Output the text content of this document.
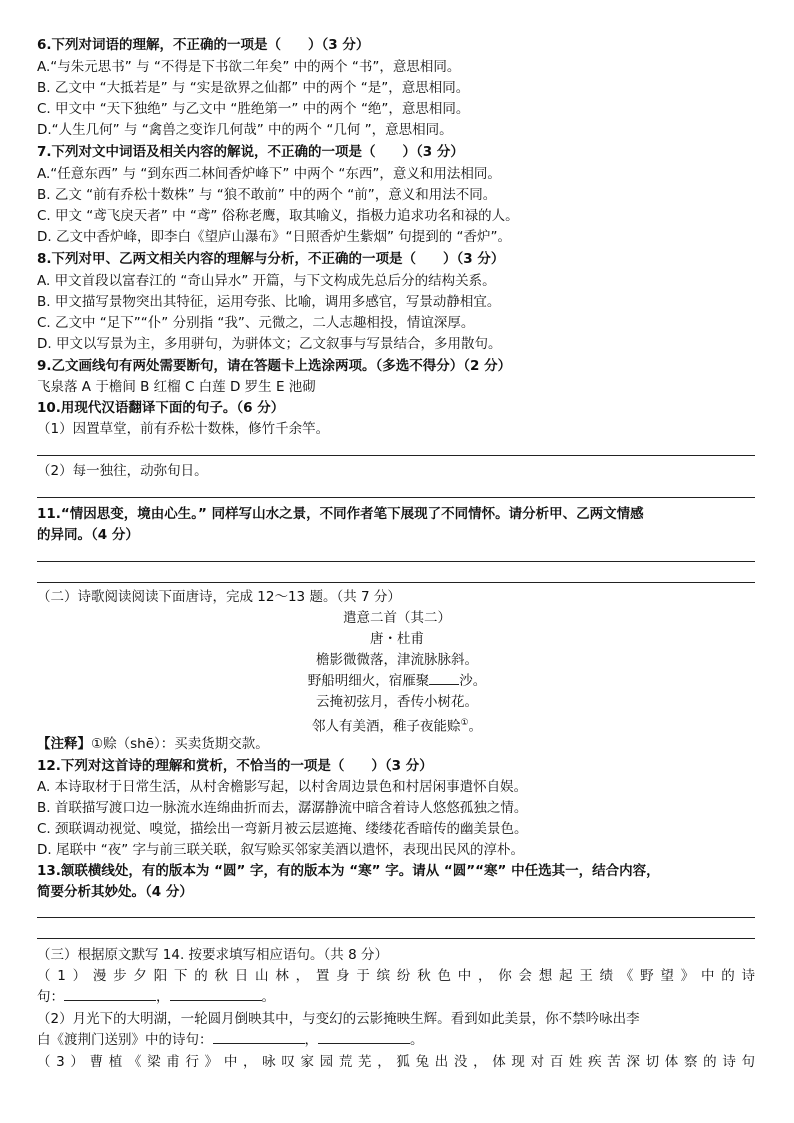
6.下列对词语的理解，不正确的一项是（　　）（3 分）
A.“与朱元思书” 与 “不得是下书欲二年矣” 中的两个 “书”，意思相同。
B. 乙文中 “大抵若是” 与 “实是欲界之仙都” 中的两个 “是”，意思相同。
C. 甲文中 “天下独绝” 与乙文中 “胜绝第一” 中的两个 “绝”，意思相同。
D.“人生几何” 与 “禽兽之变诈几何哉” 中的两个 “几何 ”，意思相同。
7.下列对文中词语及相关内容的解说，不正确的一项是（　　）（3 分）
A.“任意东西” 与 “到东西二林间香炉峰下” 中两个 “东西”，意义和用法相同。
B. 乙文 “前有乔松十数株” 与 “狼不敢前” 中的两个 “前”，意义和用法不同。
C. 甲文 “鸢飞戾天者” 中 “鸢” 俗称老鹰，取其喻义，指极力追求功名和禄的人。
D. 乙文中香炉峰，即李白《望庐山瀑布》“日照香炉生紫烟” 句提到的 “香炉”。
8.下列对甲、乙两文相关内容的理解与分析，不正确的一项是（　　）（3 分）
A. 甲文首段以富春江的 “奇山异水” 开篇，与下文构成先总后分的结构关系。
B. 甲文描写景物突出其特征，运用夸张、比喻，调用多感官，写景动静相宜。
C. 乙文中 “足下”“仆” 分别指 “我”、元微之，二人志趣相投，情谊深厚。
D. 甲文以写景为主，多用骈句，为骈体文；乙文叙事与写景结合，多用散句。
9.乙文画线句有两处需要断句，请在答题卡上选涂两项。（多选不得分）（2 分）
飞泉落 A 于檐间 B 红榴 C 白莲 D 罗生 E 池砌
10.用现代汉语翻译下面的句子。（6 分）
（1）因置草堂，前有乔松十数株，修竹千余竿。
（2）每一独往，动弥旬日。
11.“情因思变，境由心生。” 同样写山水之景，不同作者笔下展现了不同情怀。请分析甲、乙两文情感
的异同。（4 分）
（二）诗歌阅读阅读下面唐诗，完成 12～13 题。（共 7 分）
遣意二首（其二）
唐・杜甫
檐影微微落，津流脉脉斜。
野船明细火，宿雁聚 沙。
云掩初弦月，香传小树花。
邻人有美酒，稚子夜能赊①。
【注释】①赊（shē）：买卖货期交款。
12.下列对这首诗的理解和赏析，不恰当的一项是（　　）（3 分）
A. 本诗取材于日常生活，从村舍檐影写起，以村舍周边景色和村居闲事遣怀自娱。
B. 首联描写渡口边一脉流水连绵曲折而去，潺潺静流中暗含着诗人悠悠孤独之情。
C. 颈联调动视觉、嗅觉，描绘出一弯新月被云层遮掩、缕缕花香暗传的幽美景色。
D. 尾联中 “夜” 字与前三联关联，叙写赊买邻家美酒以遣怀，表现出民风的淳朴。
13.颔联横线处，有的版本为 “圆” 字，有的版本为 “寒” 字。请从 “圆”“寒” 中任选其一，结合内容，
简要分析其妙处。（4 分）
（三）根据原文默写 14. 按要求填写相应语句。（共 8 分）
（1）漫步夕阳下的秋日山林，置身于缤纷秋色中，你会想起王绩《野望》中的诗
句：	，	。
（2）月光下的大明湖，一轮圆月倒映其中，与变幻的云影掩映生辉。看到如此美景，你不禁吟咏出李
白《渡荆门送别》中的诗句：	，	。
（3）曹植《梁甫行》中，咏叹家园荒芜，狐兔出没，体现对百姓疾苦深切体察的诗句
